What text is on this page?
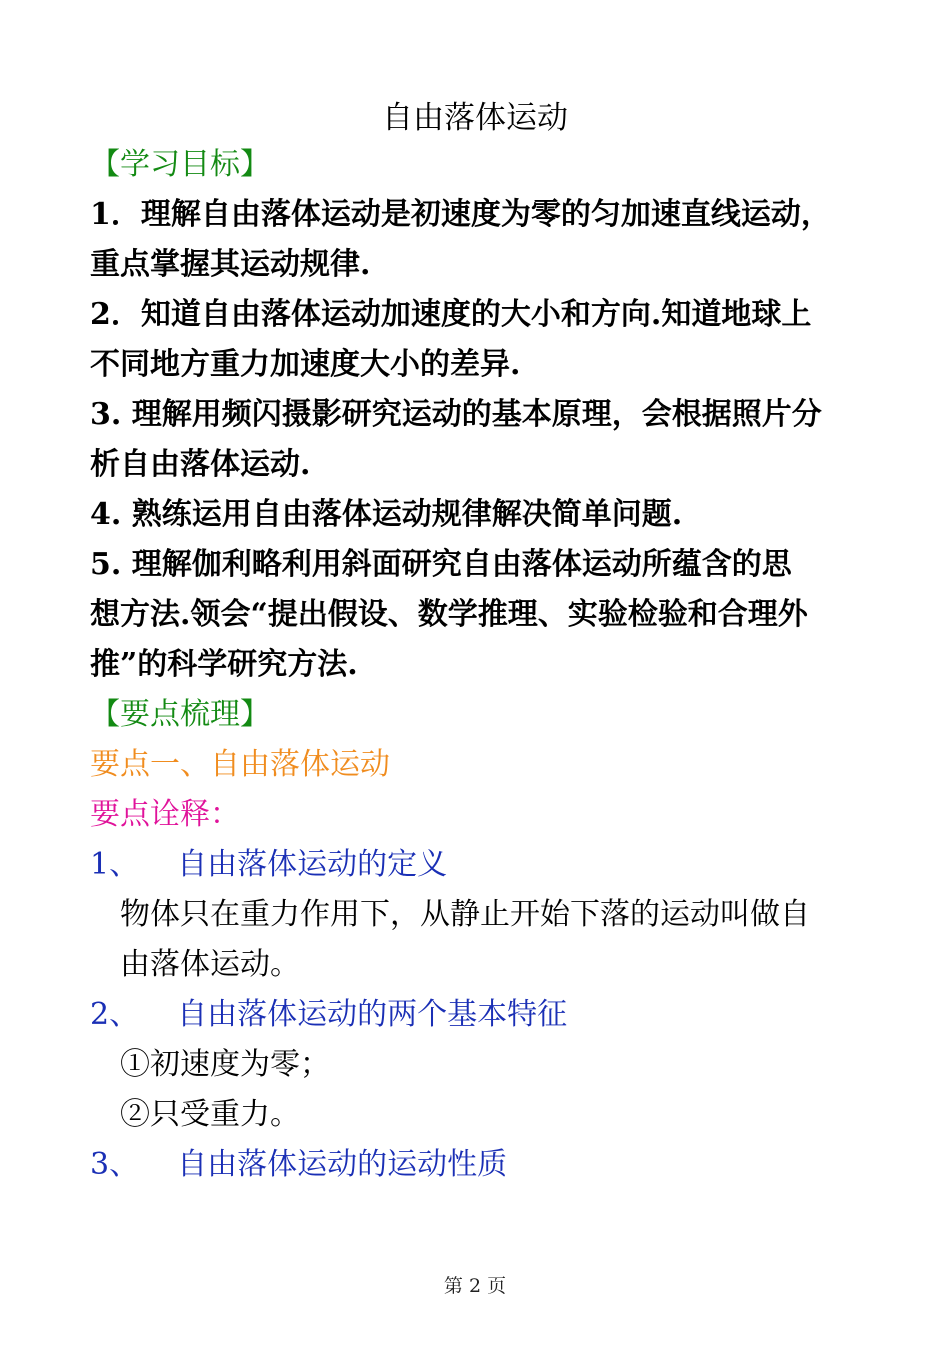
自由落体运动
【学习目标】
1．理解自由落体运动是初速度为零的匀加速直线运动，
重点掌握其运动规律.
2．知道自由落体运动加速度的大小和方向.知道地球上
不同地方重力加速度大小的差异.
3. 理解用频闪摄影研究运动的基本原理，会根据照片分
析自由落体运动.
4. 熟练运用自由落体运动规律解决简单问题.
5. 理解伽利略利用斜面研究自由落体运动所蕴含的思
想方法.领会“提出假设、数学推理、实验检验和合理外
推”的科学研究方法.
【要点梳理】
要点一、自由落体运动
要点诠释：
1、 自由落体运动的定义
物体只在重力作用下，从静止开始下落的运动叫做自
由落体运动。
2、 自由落体运动的两个基本特征
①初速度为零；
②只受重力。
3、 自由落体运动的运动性质
第 2 页
